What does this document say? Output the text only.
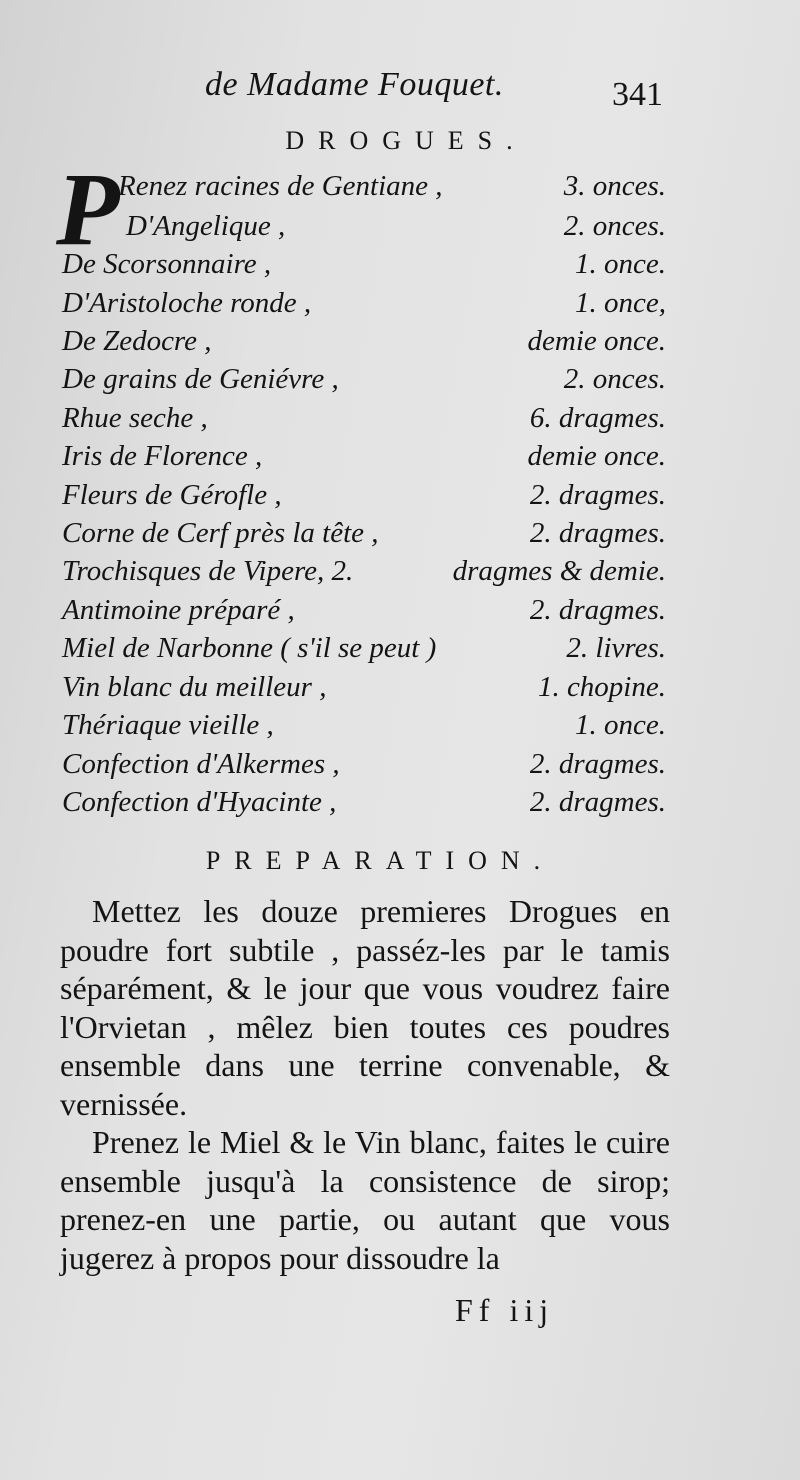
de Madame Fouquet.	341
DROGUES.
P
Renez racines de Gentiane ,	3. onces.
D'Angelique ,	2. onces.
De Scorsonnaire ,	1. once.
D'Aristoloche ronde ,	1. once,
De Zedocre ,	demie once.
De grains de Geniévre ,	2. onces.
Rhue seche ,	6. dragmes.
Iris de Florence ,	demie once.
Fleurs de Gérofle ,	2. dragmes.
Corne de Cerf près la tête ,	2. dragmes.
Trochisques de Vipere, 2.	dragmes & demie.
Antimoine préparé ,	2. dragmes.
Miel de Narbonne ( s'il se peut )	2. livres.
Vin blanc du meilleur ,	1. chopine.
Thériaque vieille ,	1. once.
Confection d'Alkermes ,	2. dragmes.
Confection d'Hyacinte ,	2. dragmes.
PREPARATION.
Mettez les douze premieres Drogues en poudre fort subtile , passéz-les par le tamis séparément, & le jour que vous voudrez faire l'Orvietan , mêlez bien toutes ces poudres ensemble dans une terrine convenable, & vernissée.
Prenez le Miel & le Vin blanc, faites le cuire ensemble jusqu'à la consistence de sirop; prenez-en une partie, ou autant que vous jugerez à propos pour dissoudre la
Ff iij
